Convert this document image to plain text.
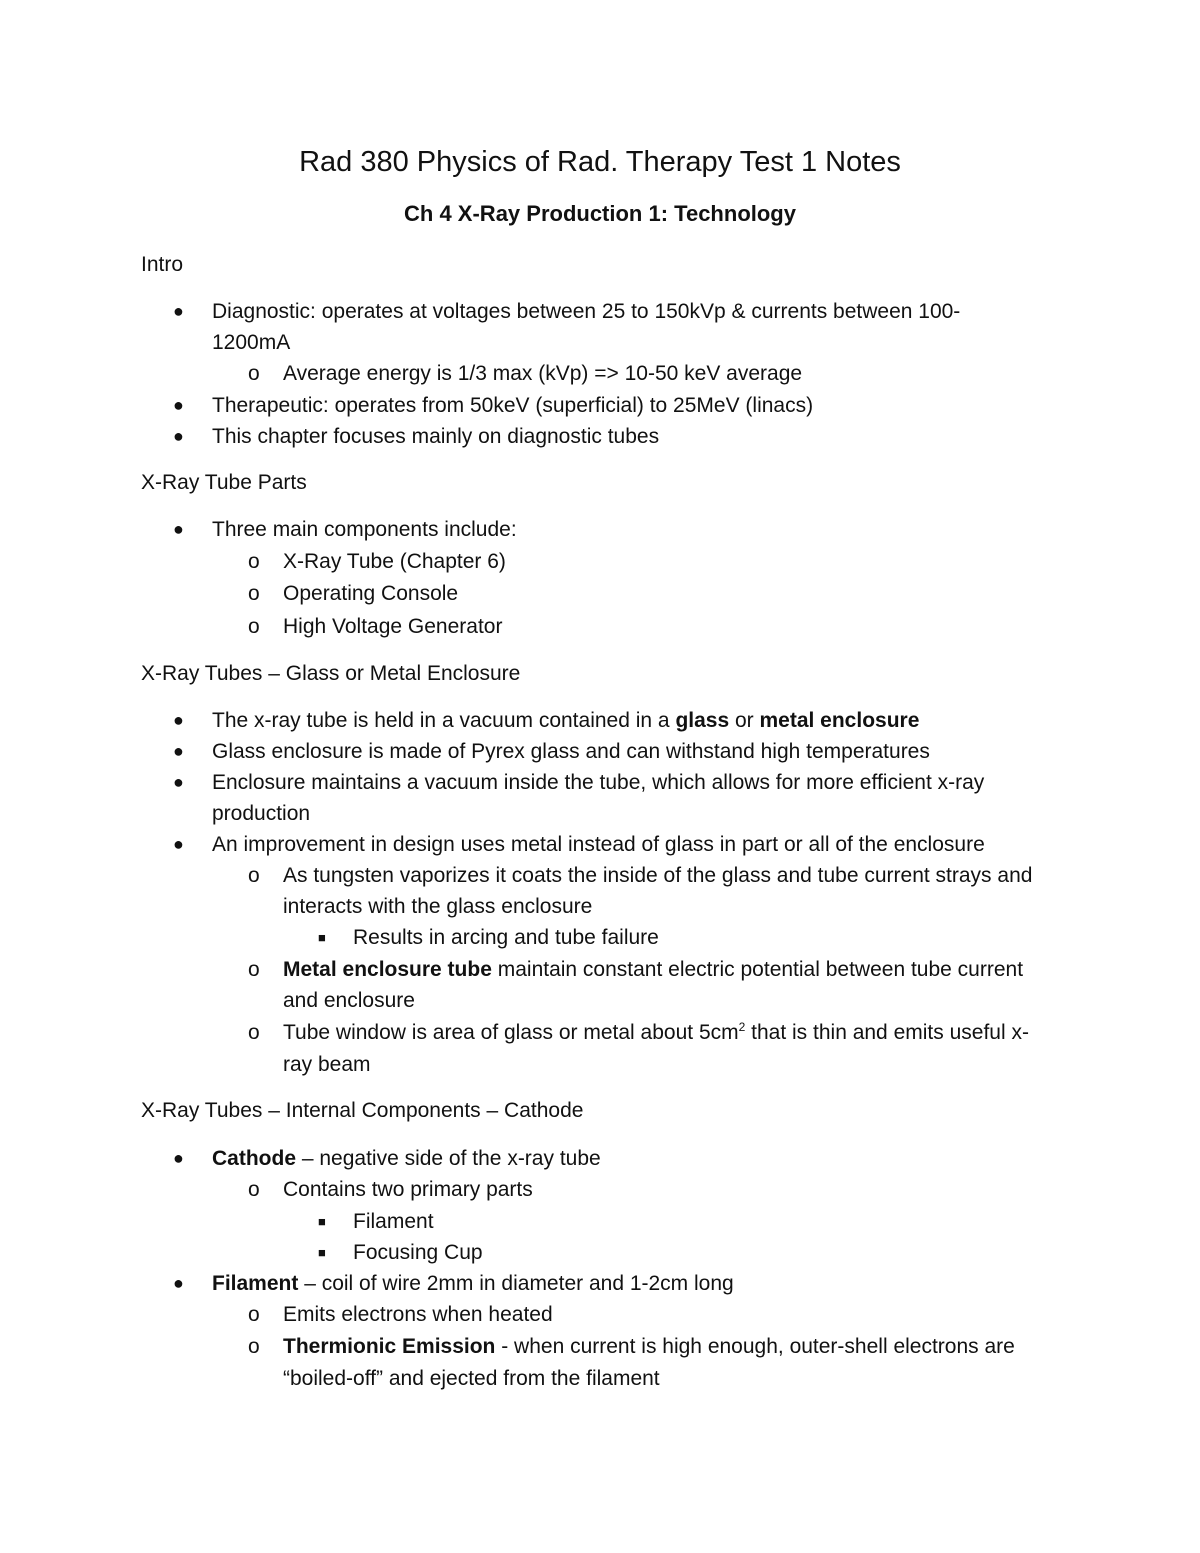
Rad 380 Physics of Rad. Therapy Test 1 Notes
Ch 4 X-Ray Production 1: Technology
Intro
● Diagnostic: operates at voltages between 25 to 150kVp & currents between 100-
1200mA
o Average energy is 1/3 max (kVp) => 10-50 keV average
● Therapeutic: operates from 50keV (superficial) to 25MeV (linacs)
● This chapter focuses mainly on diagnostic tubes
X-Ray Tube Parts
● Three main components include:
o X-Ray Tube (Chapter 6)
o Operating Console
o High Voltage Generator
X-Ray Tubes – Glass or Metal Enclosure
● The x-ray tube is held in a vacuum contained in a glass or metal enclosure
● Glass enclosure is made of Pyrex glass and can withstand high temperatures
● Enclosure maintains a vacuum inside the tube, which allows for more efficient x-ray
production
● An improvement in design uses metal instead of glass in part or all of the enclosure
o As tungsten vaporizes it coats the inside of the glass and tube current strays and
interacts with the glass enclosure
■ Results in arcing and tube failure
o Metal enclosure tube maintain constant electric potential between tube current
and enclosure
o Tube window is area of glass or metal about $5cm^2$ that is thin and emits useful x-
ray beam
X-Ray Tubes – Internal Components – Cathode
● Cathode – negative side of the x-ray tube
o Contains two primary parts
■ Filament
■ Focusing Cup
● Filament – coil of wire 2mm in diameter and 1-2cm long
o Emits electrons when heated
o Thermionic Emission - when current is high enough, outer-shell electrons are
“boiled-off” and ejected from the filament
